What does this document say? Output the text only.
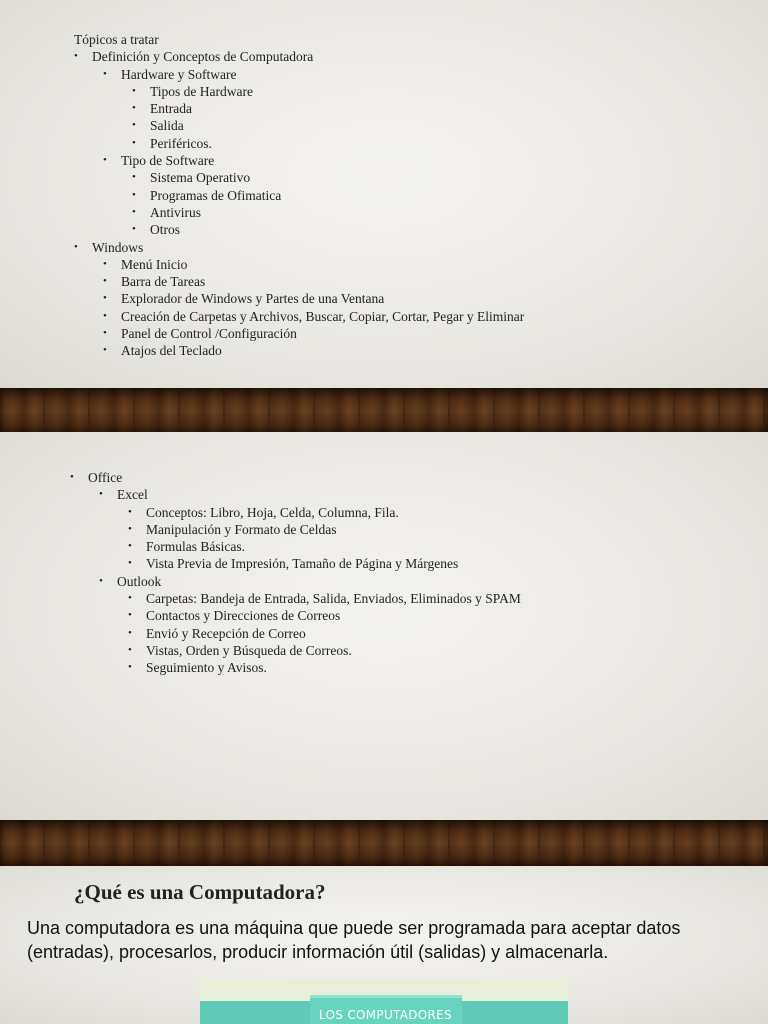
Tópicos a tratar
• Definición y Conceptos de Computadora
• Hardware y Software
• Tipos de Hardware
• Entrada
• Salida
• Periféricos.
• Tipo de Software
• Sistema Operativo
• Programas de Ofimatica
• Antivirus
• Otros
• Windows
• Menú Inicio
• Barra de Tareas
• Explorador de Windows y Partes de una Ventana
• Creación de Carpetas y Archivos, Buscar, Copiar, Cortar, Pegar y Eliminar
• Panel de Control /Configuración
• Atajos del Teclado
• Office
• Excel
• Conceptos: Libro, Hoja, Celda, Columna, Fila.
• Manipulación y Formato de Celdas
• Formulas Básicas.
• Vista Previa de Impresión, Tamaño de Página y Márgenes
• Outlook
• Carpetas: Bandeja de Entrada, Salida, Enviados, Eliminados y SPAM
• Contactos y Direcciones de Correos
• Envió y Recepción de Correo
• Vistas, Orden y Búsqueda de Correos.
• Seguimiento y Avisos.
¿Qué es una Computadora?
Una computadora es una máquina que puede ser programada para aceptar datos (entradas), procesarlos, producir información útil (salidas) y almacenarla.
LOS COMPUTADORES
